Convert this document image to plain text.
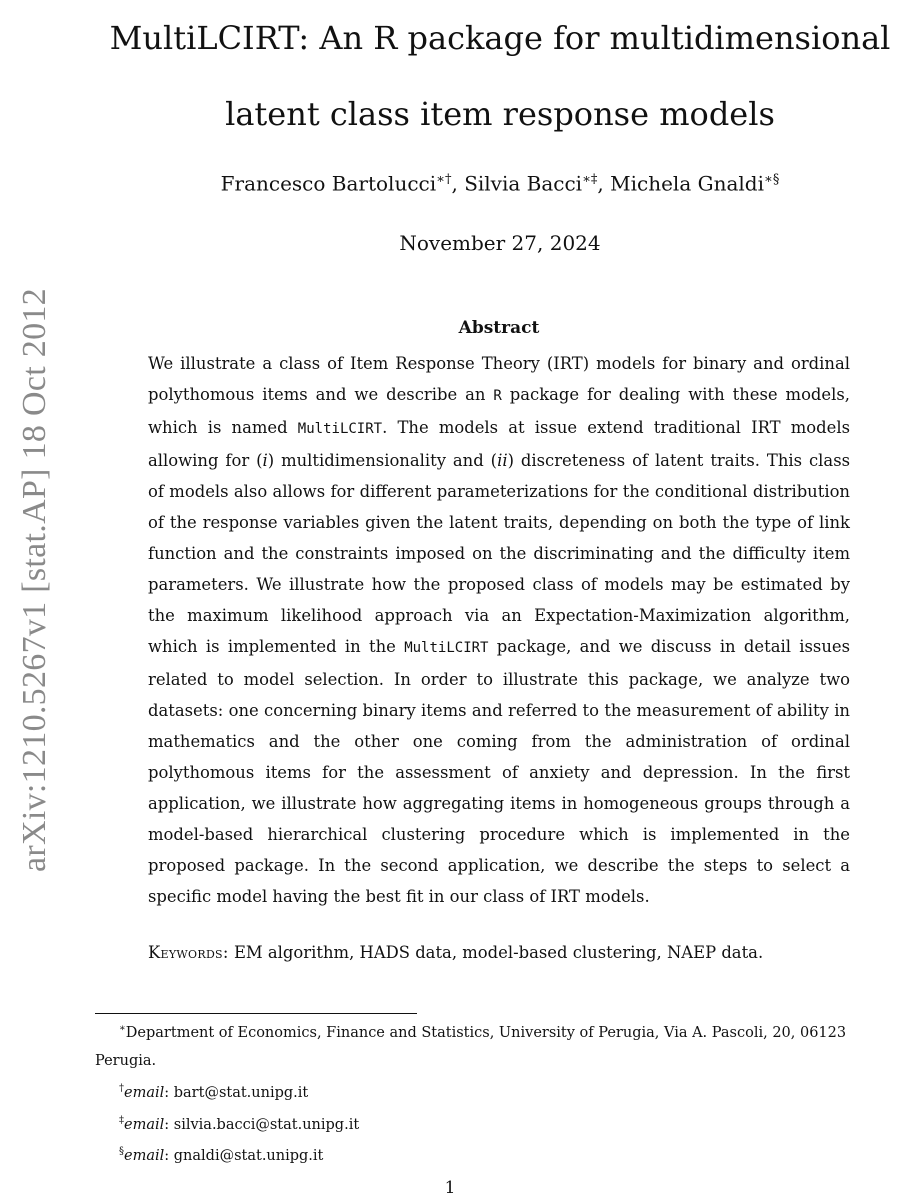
arXiv:1210.5267v1 [stat.AP] 18 Oct 2012
MultiLCIRT: An R package for multidimensional
latent class item response models
Francesco Bartolucci∗†, Silvia Bacci∗‡, Michela Gnaldi∗§
November 27, 2024
Abstract

We illustrate a class of Item Response Theory (IRT) models for binary and ordinal polythomous items and we describe an R package for dealing with these models, which is named MultiLCIRT. The models at issue extend traditional IRT models allowing for (i) multidimensionality and (ii) discreteness of latent traits. This class of models also allows for different parameterizations for the conditional distribution of the response variables given the latent traits, depending on both the type of link function and the constraints imposed on the discriminating and the difficulty item parameters. We illustrate how the proposed class of models may be estimated by the maximum likelihood approach via an Expectation-Maximization algorithm, which is implemented in the MultiLCIRT package, and we discuss in detail issues related to model selection. In order to illustrate this package, we analyze two datasets: one concerning binary items and referred to the measurement of ability in mathematics and the other one coming from the administration of ordinal polythomous items for the assessment of anxiety and depression. In the first application, we illustrate how aggregating items in homogeneous groups through a model-based hierarchical clustering procedure which is implemented in the proposed package. In the second application, we describe the steps to select a specific model having the best fit in our class of IRT models.

Keywords: EM algorithm, HADS data, model-based clustering, NAEP data.
∗Department of Economics, Finance and Statistics, University of Perugia, Via A. Pascoli, 20, 06123
Perugia.
†email: bart@stat.unipg.it
‡email: silvia.bacci@stat.unipg.it
§email: gnaldi@stat.unipg.it
1
